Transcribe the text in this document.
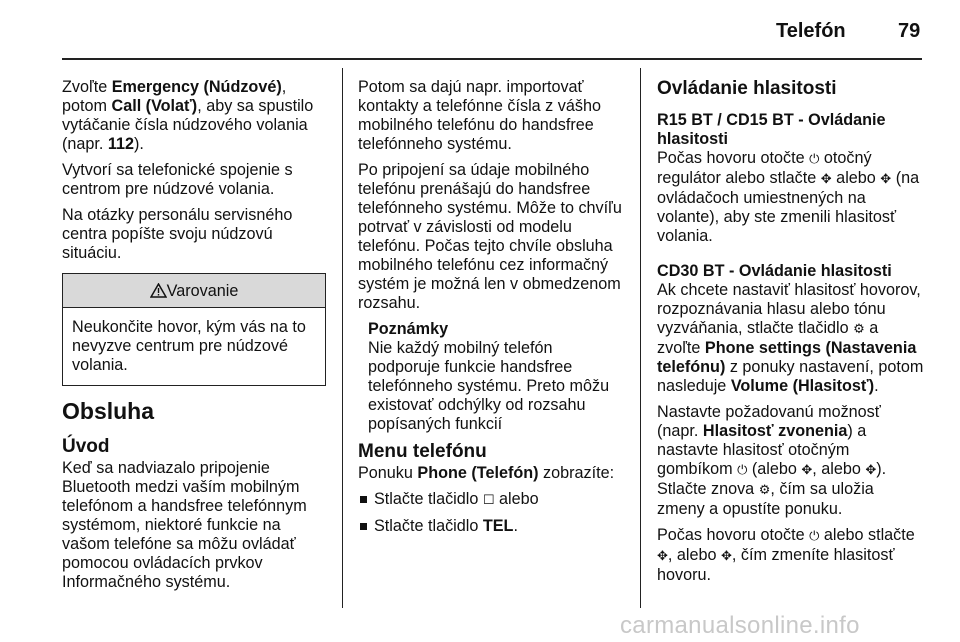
Telefón	79

Zvoľte Emergency (Núdzové), potom Call (Volať), aby sa spustilo vytáčanie čísla núdzového volania (napr. 112).

Vytvorí sa telefonické spojenie s centrom pre núdzové volania.

Na otázky personálu servisného centra popíšte svoju núdzovú situáciu.

Varovanie
Neukončite hovor, kým vás na to nevyzve centrum pre núdzové volania.
Obsluha
Úvod

Keď sa nadviazalo pripojenie Bluetooth medzi vaším mobilným telefónom a handsfree telefónnym systémom, niektoré funkcie na vašom telefóne sa môžu ovládať pomocou ovládacích prvkov Informačného systému.

Potom sa dajú napr. importovať kontakty a telefónne čísla z vášho mobilného telefónu do handsfree telefónneho systému.

Po pripojení sa údaje mobilného telefónu prenášajú do handsfree telefónneho systému. Môže to chvíľu potrvať v závislosti od modelu telefónu. Počas tejto chvíle obsluha mobilného telefónu cez informačný systém je možná len v obmedzenom rozsahu.

Poznámky
Nie každý mobilný telefón podporuje funkcie handsfree telefónneho systému. Preto môžu existovať odchýlky od rozsahu popísaných funkcií
Menu telefónu

Ponuku Phone (Telefón) zobrazíte:

Stlačte tlačidlo ☐ alebo
Stlačte tlačidlo TEL.
Ovládanie hlasitosti
R15 BT / CD15 BT - Ovládanie hlasitosti

Počas hovoru otočte ⏻ otočný regulátor alebo stlačte ✥ alebo ✥ (na ovládačoch umiestnených na volante), aby ste zmenili hlasitosť volania.

CD30 BT - Ovládanie hlasitosti

Ak chcete nastaviť hlasitosť hovorov, rozpoznávania hlasu alebo tónu vyzváňania, stlačte tlačidlo ⚙ a zvoľte Phone settings (Nastavenia telefónu) z ponuky nastavení, potom nasleduje Volume (Hlasitosť).

Nastavte požadovanú možnosť (napr. Hlasitosť zvonenia) a nastavte hlasitosť otočným gombíkom ⏻ (alebo ✥, alebo ✥). Stlačte znova ⚙, čím sa uložia zmeny a opustíte ponuku.

Počas hovoru otočte ⏻ alebo stlačte ✥, alebo ✥, čím zmeníte hlasitosť hovoru.

carmanualsonline.info
